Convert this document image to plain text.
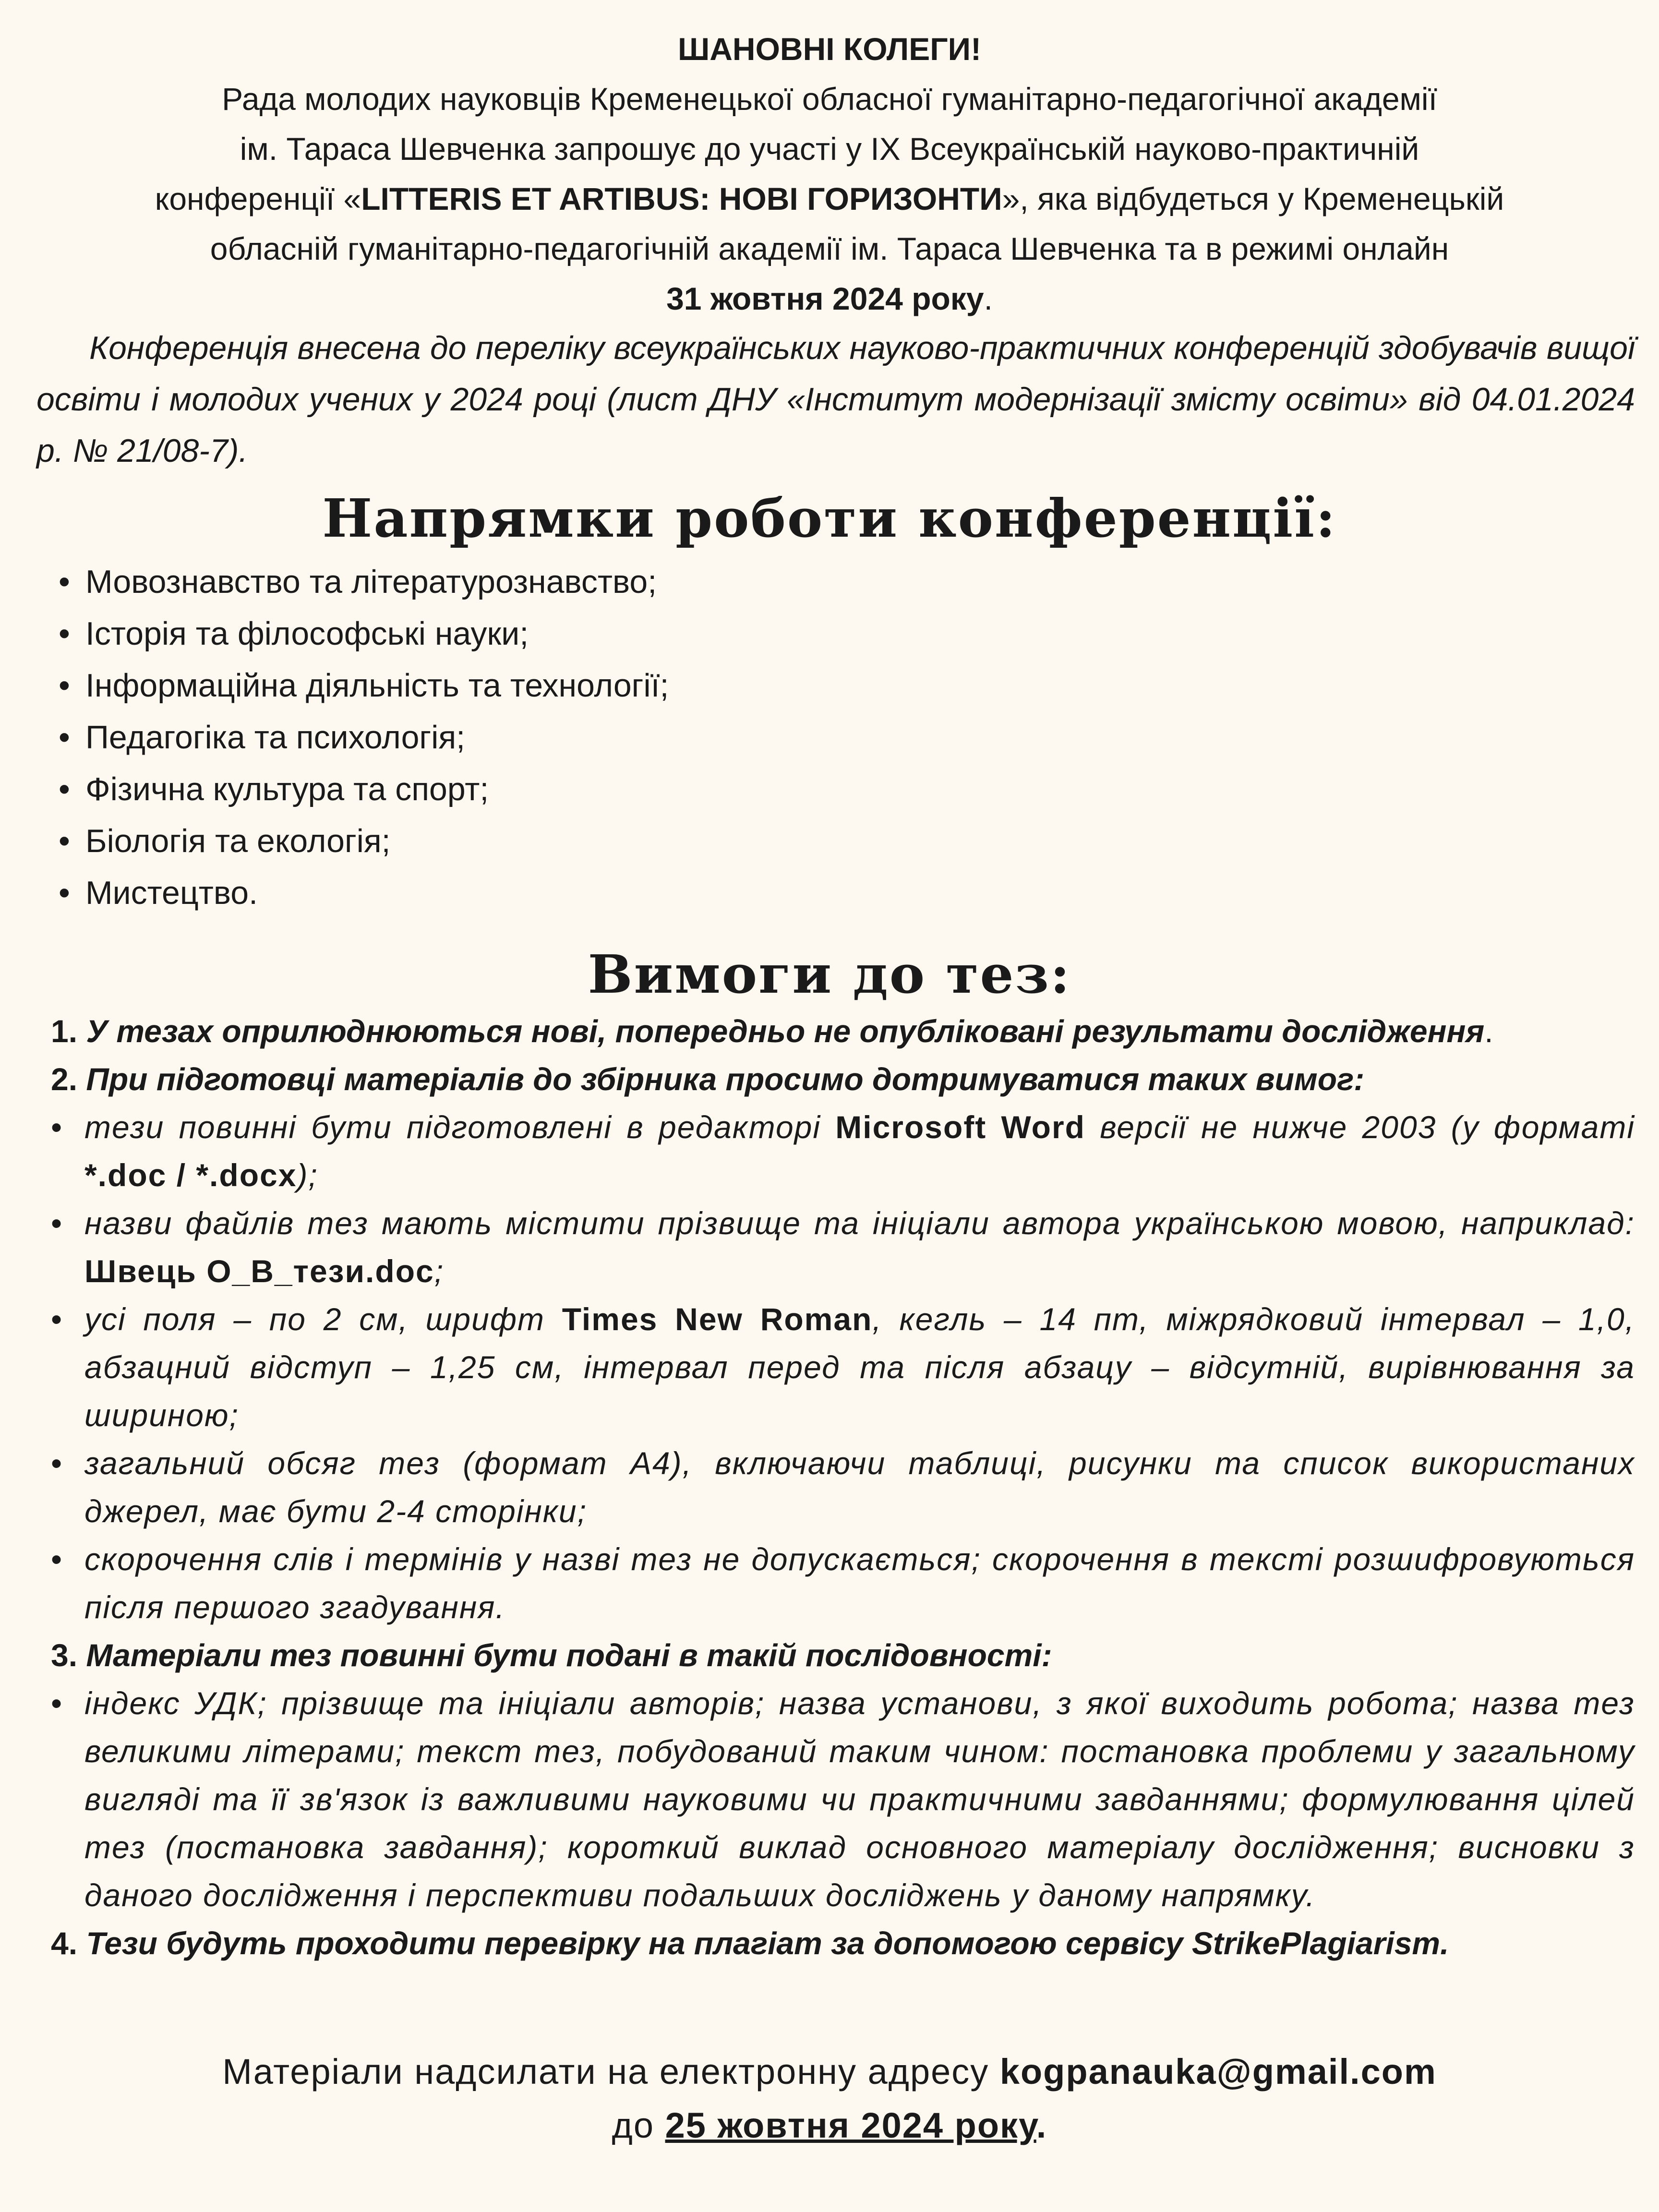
ШАНОВНІ КОЛЕГИ!
Рада молодих науковців Кременецької обласної гуманітарно-педагогічної академії
ім. Тараса Шевченка запрошує до участі у IX Всеукраїнській науково-практичній
конференції «LITTERIS ET ARTIBUS: НОВІ ГОРИЗОНТИ», яка відбудеться у Кременецькій
обласній гуманітарно-педагогічній академії ім. Тараса Шевченка та в режимі онлайн
31 жовтня 2024 року.
Конференція внесена до переліку всеукраїнських науково-практичних конференцій здобувачів вищої освіти і молодих учених у 2024 році (лист ДНУ «Інститут модернізації змісту освіти» від 04.01.2024 р. № 21/08-7).
Напрямки роботи конференції:
• Мовознавство та літературознавство;
• Історія та філософські науки;
• Інформаційна діяльність та технології;
• Педагогіка та психологія;
• Фізична культура та спорт;
• Біологія та екологія;
• Мистецтво.
Вимоги до тез:
1. У тезах оприлюднюються нові, попередньо не опубліковані результати дослідження.
2. При підготовці матеріалів до збірника просимо дотримуватися таких вимог:
• тези повинні бути підготовлені в редакторі Microsoft Word версії не нижче 2003 (у форматі *.doc / *.docx);
• назви файлів тез мають містити прізвище та ініціали автора українською мовою, наприклад: Швець О_В_тези.doc;
• усі поля – по 2 см, шрифт Times New Roman, кегль – 14 пт, міжрядковий інтервал – 1,0, абзацний відступ – 1,25 см, інтервал перед та після абзацу – відсутній, вирівнювання за шириною;
• загальний обсяг тез (формат А4), включаючи таблиці, рисунки та список використаних джерел, має бути 2-4 сторінки;
• скорочення слів і термінів у назві тез не допускається; скорочення в тексті розшифровуються після першого згадування.
3. Матеріали тез повинні бути подані в такій послідовності:
• індекс УДК; прізвище та ініціали авторів; назва установи, з якої виходить робота; назва тез великими літерами; текст тез, побудований таким чином: постановка проблеми у загальному вигляді та її зв'язок із важливими науковими чи практичними завданнями; формулювання цілей тез (постановка завдання); короткий виклад основного матеріалу дослідження; висновки з даного дослідження і перспективи подальших досліджень у даному напрямку.
4. Тези будуть проходити перевірку на плагіат за допомогою сервісу StrikePlagiarism.
Матеріали надсилати на електронну адресу kogpanauka@gmail.com
до 25 жовтня 2024 року.
